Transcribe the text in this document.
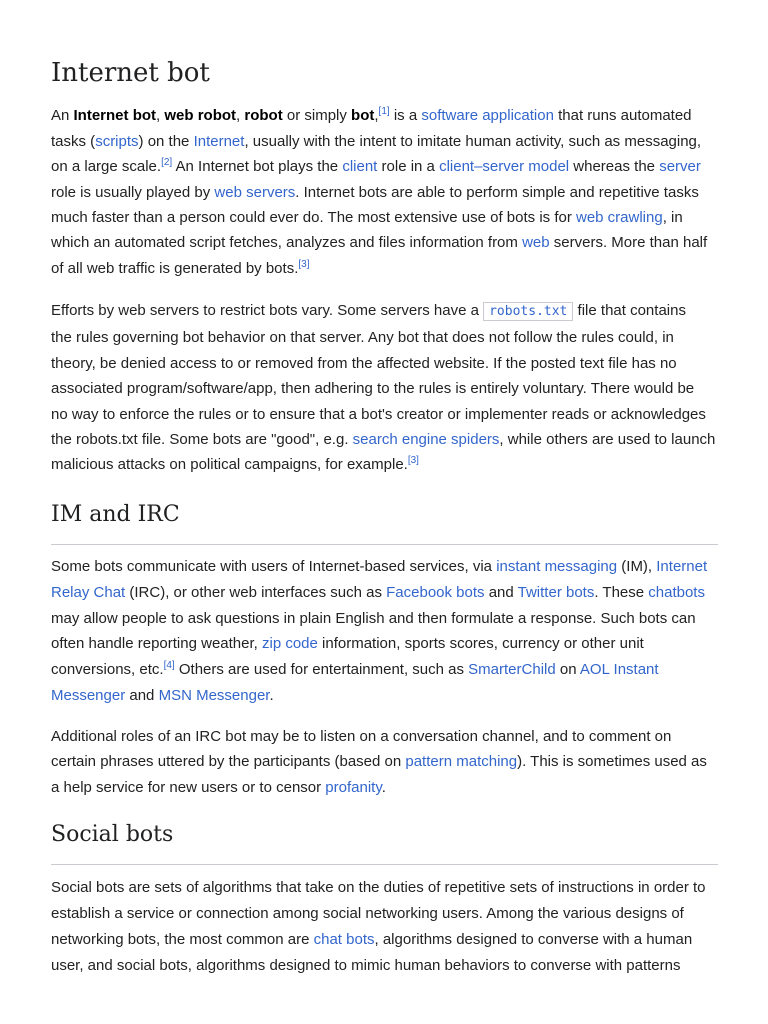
Internet bot
An Internet bot, web robot, robot or simply bot,[1] is a software application that runs automated
tasks (scripts) on the Internet, usually with the intent to imitate human activity, such as messaging,
on a large scale.[2] An Internet bot plays the client role in a client–server model whereas the server
role is usually played by web servers. Internet bots are able to perform simple and repetitive tasks
much faster than a person could ever do. The most extensive use of bots is for web crawling, in
which an automated script fetches, analyzes and files information from web servers. More than half
of all web traffic is generated by bots.[3]
Efforts by web servers to restrict bots vary. Some servers have a robots.txt file that contains
the rules governing bot behavior on that server. Any bot that does not follow the rules could, in
theory, be denied access to or removed from the affected website. If the posted text file has no
associated program/software/app, then adhering to the rules is entirely voluntary. There would be
no way to enforce the rules or to ensure that a bot's creator or implementer reads or acknowledges
the robots.txt file. Some bots are "good", e.g. search engine spiders, while others are used to launch
malicious attacks on political campaigns, for example.[3]
IM and IRC
Some bots communicate with users of Internet-based services, via instant messaging (IM), Internet
Relay Chat (IRC), or other web interfaces such as Facebook bots and Twitter bots. These chatbots
may allow people to ask questions in plain English and then formulate a response. Such bots can
often handle reporting weather, zip code information, sports scores, currency or other unit
conversions, etc.[4] Others are used for entertainment, such as SmarterChild on AOL Instant
Messenger and MSN Messenger.
Additional roles of an IRC bot may be to listen on a conversation channel, and to comment on
certain phrases uttered by the participants (based on pattern matching). This is sometimes used as
a help service for new users or to censor profanity.
Social bots
Social bots are sets of algorithms that take on the duties of repetitive sets of instructions in order to
establish a service or connection among social networking users. Among the various designs of
networking bots, the most common are chat bots, algorithms designed to converse with a human
user, and social bots, algorithms designed to mimic human behaviors to converse with patterns
